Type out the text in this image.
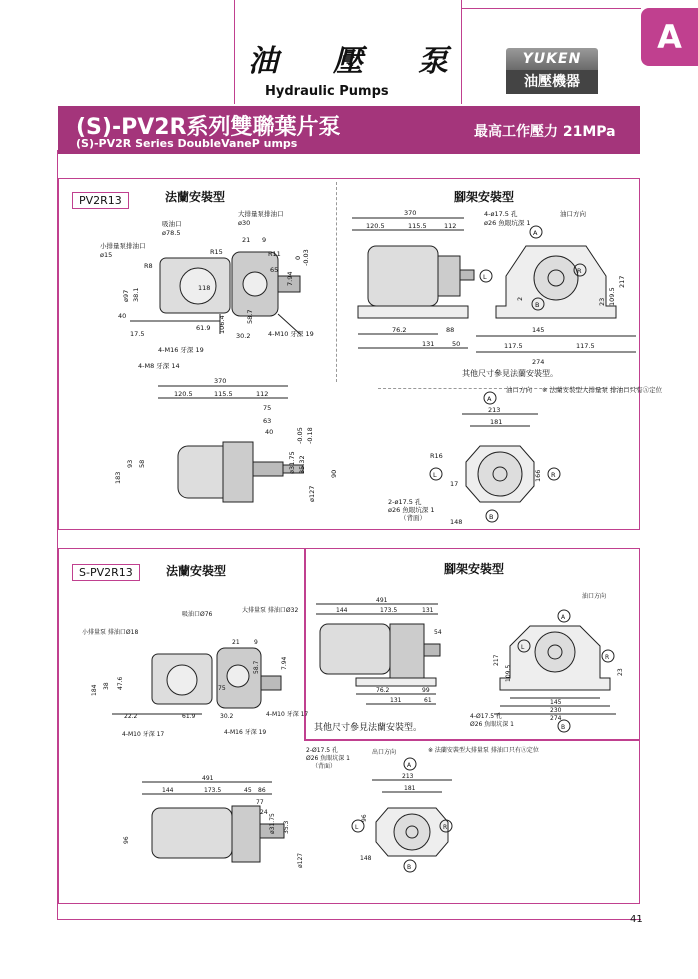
油 壓 泵
Hydraulic Pumps
YUKEN
油壓機器
A
(S)-PV2R系列雙聯葉片泵
(S)-PV2R Series DoubleVaneP umps
最高工作壓力 21MPa
PV2R13	法蘭安裝型	腳架安裝型
吸油口
ø78.5
大排量泵排油口
ø30
小排量泵排油口
ø15
R8
R15	R11
21 9
65
7.94
0 -0.03
ø97 38.1
40
118
17.5
61.9 106.4
30.2
58.7
4-M10 牙深 19
4-M16 牙深 19
4-M8 牙深 14
370
120.5	115.5	112
75
63
40
ø31.75
-0.05
35.32
-0.18
ø127
90
183
93 58
370
120.5	115.5	112
76.2	88
131	50
4-ø17.5 孔
ø26 魚眼坑深 1
油口方向
A
B
L
R
2	23 109.5
217
145
117.5	117.5
274
其他尺寸參見法蘭安裝型。
油口方向 ※ 法蘭安裝型大排量泵 排油口只有Ⓐ定位
A
B
L	R
213
181
R16
17
166
2-ø17.5 孔
ø26 魚眼坑深 1
（背面）	148
S-PV2R13	法蘭安裝型	腳架安裝型
吸油口Ø76
大排量泵 排油口Ø32
小排量泵 排油口Ø18
184 38 47.6
22.2	61.9	30.2
58.7
21 9
75
7.94
4-M10 牙深 17
4-M10 牙深 17	4-M16 牙深 19
491
144	173.5	45 86
77
24
ø31.75 35.3
ø127
96
491
144	173.5	131
54
76.2	99
131	61
其他尺寸參見法蘭安裝型。
油口方向
A
B
L
R
145
230
274
217
109.5	23
4-Ø17.5 孔
Ø26 魚眼坑深 1
2-Ø17.5 孔
Ø26 魚眼坑深 1
（背面）
出口方向	※ 法蘭安裝型大排量泵 排油口只有Ⓐ定位
A
B
L	R
213
181
148
96
41
